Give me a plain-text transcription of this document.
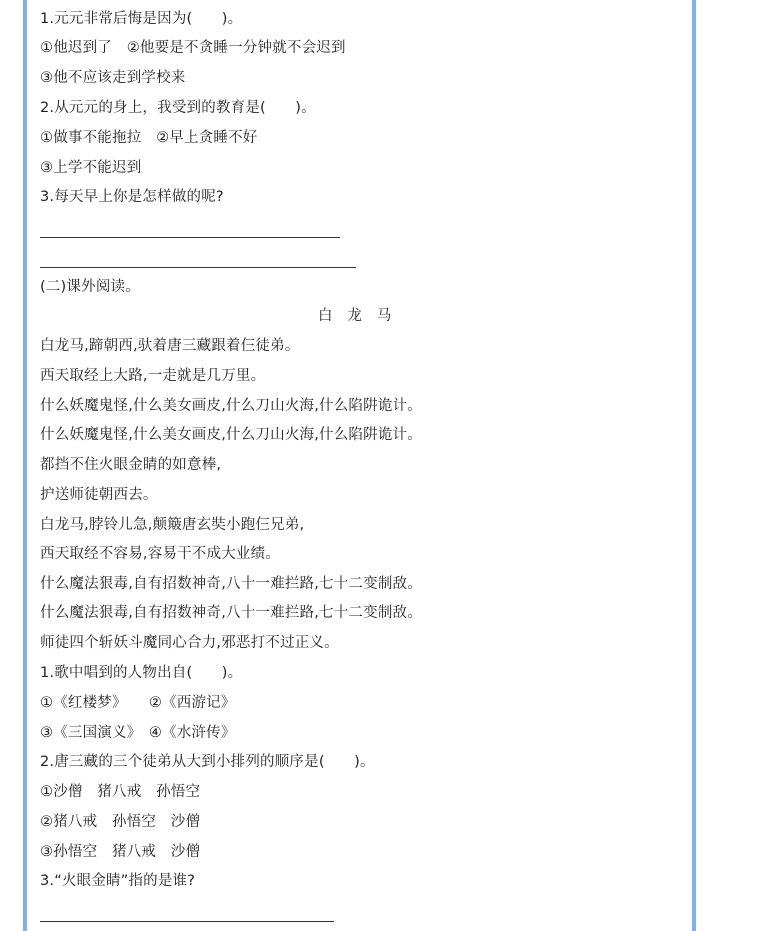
1.元元非常后悔是因为(　　)。
①他迟到了　②他要是不贪睡一分钟就不会迟到
③他不应该走到学校来
2.从元元的身上，我受到的教育是(　　)。
①做事不能拖拉　②早上贪睡不好
③上学不能迟到
3.每天早上你是怎样做的呢?
(二)课外阅读。
白　龙　马
白龙马,蹄朝西,驮着唐三藏跟着仨徒弟。
西天取经上大路,一走就是几万里。
什么妖魔鬼怪,什么美女画皮,什么刀山火海,什么陷阱诡计。
什么妖魔鬼怪,什么美女画皮,什么刀山火海,什么陷阱诡计。
都挡不住火眼金睛的如意棒,
护送师徒朝西去。
白龙马,脖铃儿急,颠簸唐玄奘小跑仨兄弟,
西天取经不容易,容易干不成大业绩。
什么魔法狠毒,自有招数神奇,八十一难拦路,七十二变制敌。
什么魔法狠毒,自有招数神奇,八十一难拦路,七十二变制敌。
师徒四个斩妖斗魔同心合力,邪恶打不过正义。
1.歌中唱到的人物出自(　　)。
①《红楼梦》　　②《西游记》
③《三国演义》　④《水浒传》
2.唐三藏的三个徒弟从大到小排列的顺序是(　　)。
①沙僧　猪八戒　孙悟空
②猪八戒　孙悟空　沙僧
③孙悟空　猪八戒　沙僧
3.“火眼金睛”指的是谁?
